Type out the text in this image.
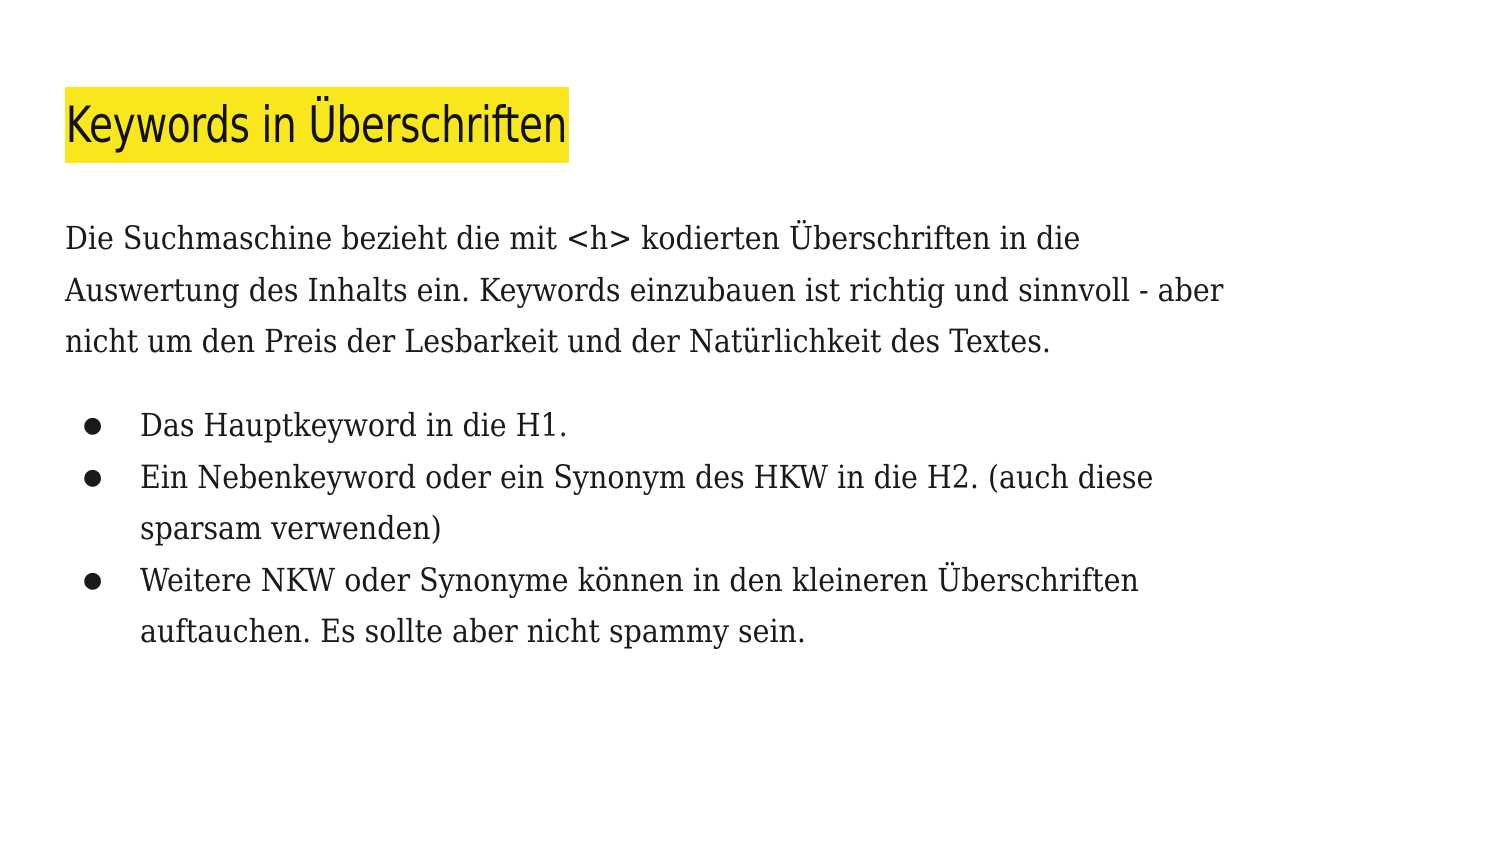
Keywords in Überschriften

Die Suchmaschine bezieht die mit <h> kodierten Überschriften in die
Auswertung des Inhalts ein. Keywords einzubauen ist richtig und sinnvoll - aber
nicht um den Preis der Lesbarkeit und der Natürlichkeit des Textes.

● Das Hauptkeyword in die H1.
● Ein Nebenkeyword oder ein Synonym des HKW in die H2. (auch diese
sparsam verwenden)
● Weitere NKW oder Synonyme können in den kleineren Überschriften
auftauchen. Es sollte aber nicht spammy sein.
